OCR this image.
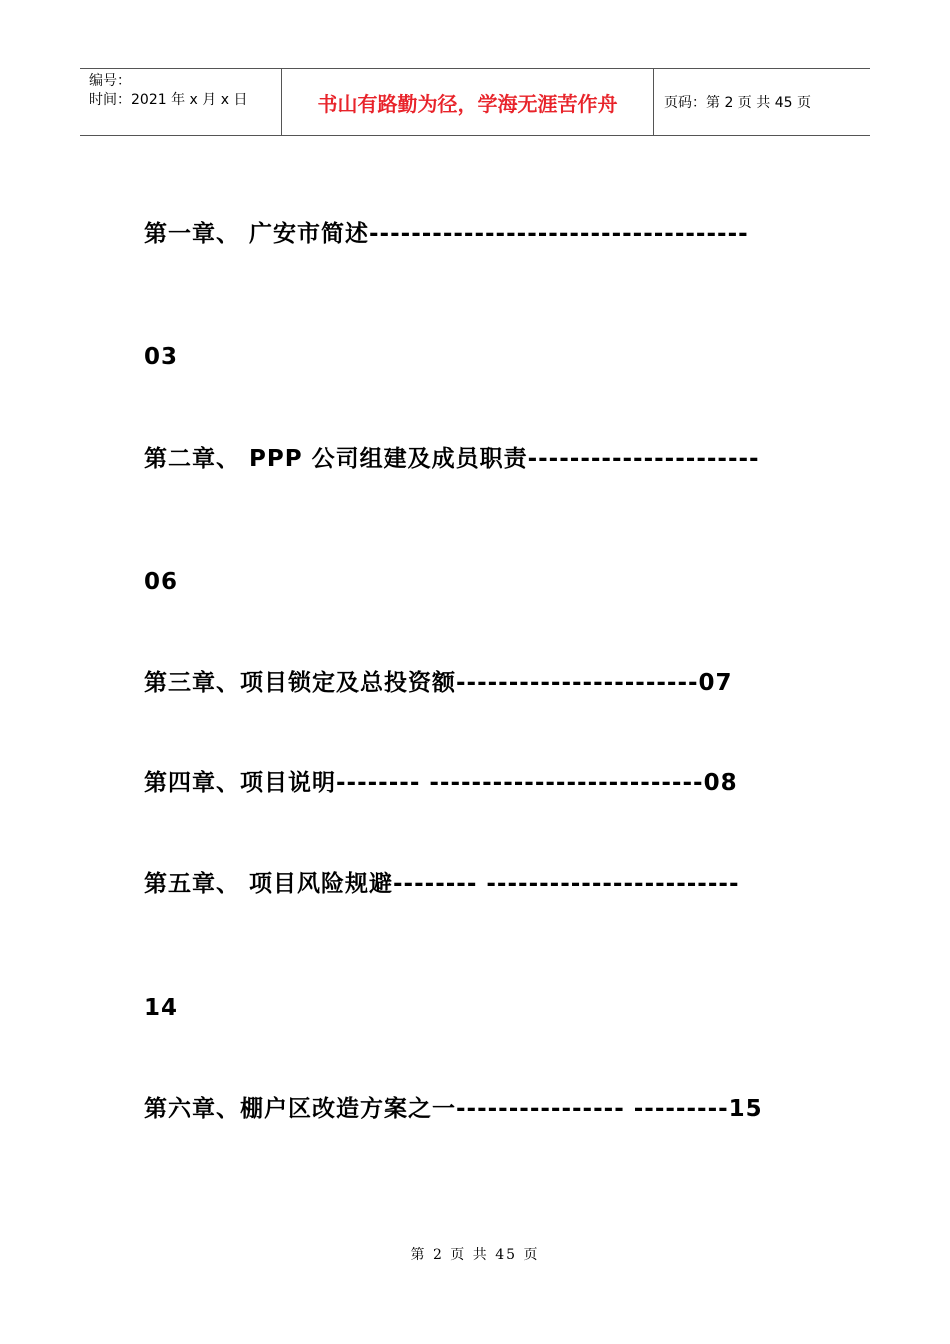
编号：
时间：2021 年 x 月 x 日	书山有路勤为径，学海无涯苦作舟	页码：第 2 页 共 45 页
第一章、 广安市简述------------------------------------
03
第二章、 PPP 公司组建及成员职责----------------------
06
第三章、项目锁定及总投资额-----------------------07
第四章、项目说明-------- --------------------------08
第五章、 项目风险规避-------- ------------------------
14
第六章、棚户区改造方案之一---------------- ---------15
第 2 页 共 45 页
